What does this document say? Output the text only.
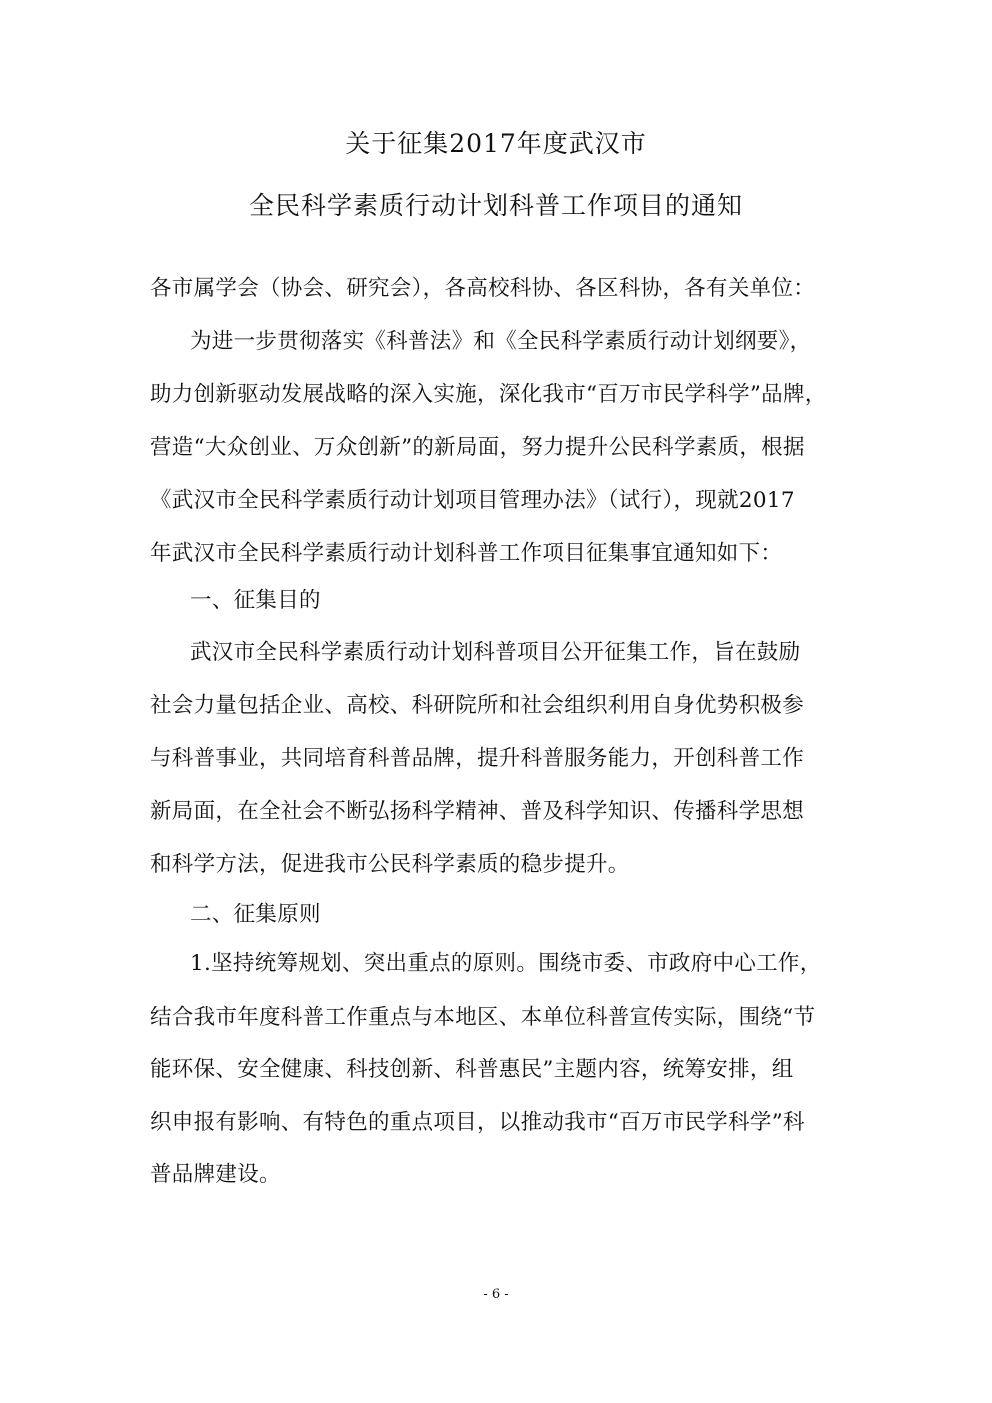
关于征集2017年度武汉市
全民科学素质行动计划科普工作项目的通知
各市属学会（协会、研究会），各高校科协、各区科协，各有关单位：
为进一步贯彻落实《科普法》和《全民科学素质行动计划纲要》，
助力创新驱动发展战略的深入实施，深化我市“百万市民学科学”品牌，
营造“大众创业、万众创新”的新局面，努力提升公民科学素质，根据
《武汉市全民科学素质行动计划项目管理办法》（试行），现就2017
年武汉市全民科学素质行动计划科普工作项目征集事宜通知如下：
一、征集目的
武汉市全民科学素质行动计划科普项目公开征集工作，旨在鼓励
社会力量包括企业、高校、科研院所和社会组织利用自身优势积极参
与科普事业，共同培育科普品牌，提升科普服务能力，开创科普工作
新局面，在全社会不断弘扬科学精神、普及科学知识、传播科学思想
和科学方法，促进我市公民科学素质的稳步提升。
二、征集原则
1.坚持统筹规划、突出重点的原则。围绕市委、市政府中心工作，
结合我市年度科普工作重点与本地区、本单位科普宣传实际，围绕“节
能环保、安全健康、科技创新、科普惠民”主题内容，统筹安排，组
织申报有影响、有特色的重点项目，以推动我市“百万市民学科学”科
普品牌建设。
- 6 -
